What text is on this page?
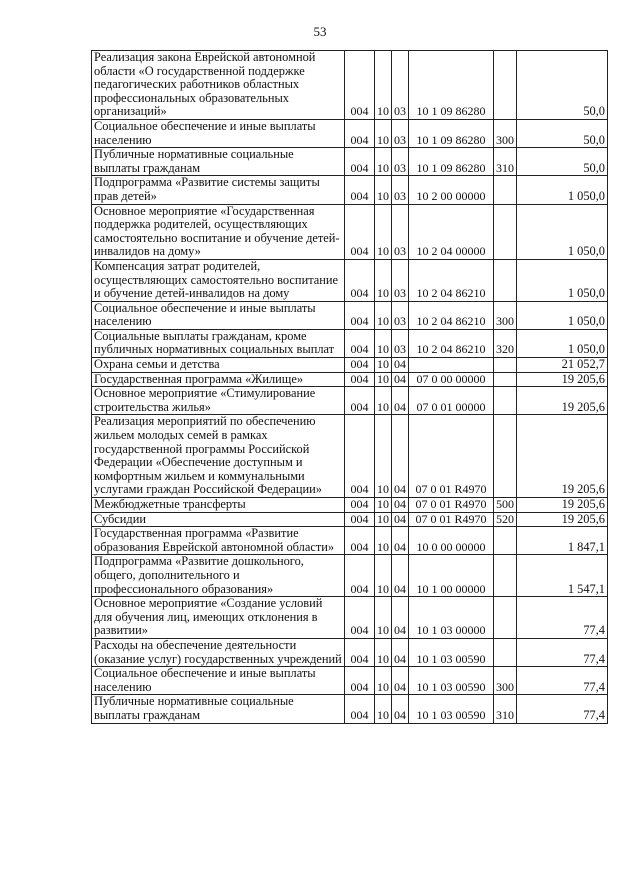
53
Реализация закона Еврейской автономной области «О государственной поддержке педагогических работников областных профессиональных образовательных организаций»	004	10	03	10 1 09 86280		50,0
Социальное обеспечение и иные выплаты населению	004	10	03	10 1 09 86280	300	50,0
Публичные нормативные социальные выплаты гражданам	004	10	03	10 1 09 86280	310	50,0
Подпрограмма «Развитие системы защиты прав детей»	004	10	03	10 2 00 00000		1 050,0
Основное мероприятие «Государственная поддержка родителей, осуществляющих самостоятельно воспитание и обучение детей-инвалидов на дому»	004	10	03	10 2 04 00000		1 050,0
Компенсация затрат родителей, осуществляющих самостоятельно воспитание и обучение детей-инвалидов на дому	004	10	03	10 2 04 86210		1 050,0
Социальное обеспечение и иные выплаты населению	004	10	03	10 2 04 86210	300	1 050,0
Социальные выплаты гражданам, кроме публичных нормативных социальных выплат	004	10	03	10 2 04 86210	320	1 050,0
Охрана семьи и детства	004	10	04			21 052,7
Государственная программа «Жилище»	004	10	04	07 0 00 00000		19 205,6
Основное мероприятие «Стимулирование строительства жилья»	004	10	04	07 0 01 00000		19 205,6
Реализация мероприятий по обеспечению жильем молодых семей в рамках государственной программы Российской Федерации «Обеспечение доступным и комфортным жильем и коммунальными услугами граждан Российской Федерации»	004	10	04	07 0 01 R4970		19 205,6
Межбюджетные трансферты	004	10	04	07 0 01 R4970	500	19 205,6
Субсидии	004	10	04	07 0 01 R4970	520	19 205,6
Государственная программа «Развитие образования Еврейской автономной области»	004	10	04	10 0 00 00000		1 847,1
Подпрограмма «Развитие дошкольного, общего, дополнительного и профессионального образования»	004	10	04	10 1 00 00000		1 547,1
Основное мероприятие «Создание условий для обучения лиц, имеющих отклонения в развитии»	004	10	04	10 1 03 00000		77,4
Расходы на обеспечение деятельности (оказание услуг) государственных учреждений	004	10	04	10 1 03 00590		77,4
Социальное обеспечение и иные выплаты населению	004	10	04	10 1 03 00590	300	77,4
Публичные нормативные социальные выплаты гражданам	004	10	04	10 1 03 00590	310	77,4
